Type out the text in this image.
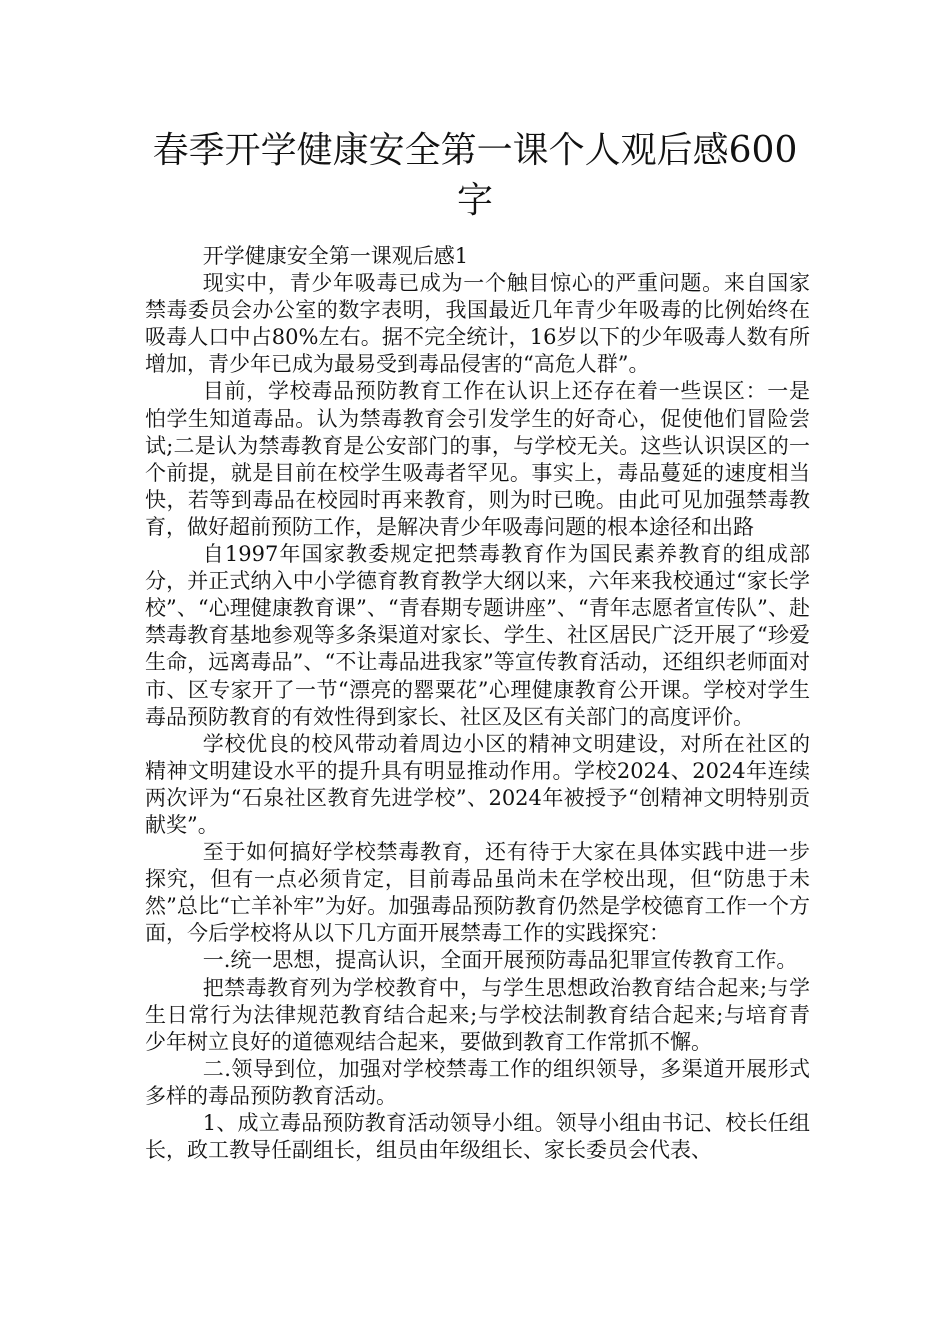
春季开学健康安全第一课个人观后感600字

开学健康安全第一课观后感1

现实中，青少年吸毒已成为一个触目惊心的严重问题。来自国家禁毒委员会办公室的数字表明，我国最近几年青少年吸毒的比例始终在吸毒人口中占80%左右。据不完全统计，16岁以下的少年吸毒人数有所增加，青少年已成为最易受到毒品侵害的“高危人群”。

目前，学校毒品预防教育工作在认识上还存在着一些误区：一是怕学生知道毒品。认为禁毒教育会引发学生的好奇心，促使他们冒险尝试;二是认为禁毒教育是公安部门的事，与学校无关。这些认识误区的一个前提，就是目前在校学生吸毒者罕见。事实上，毒品蔓延的速度相当快，若等到毒品在校园时再来教育，则为时已晚。由此可见加强禁毒教育，做好超前预防工作，是解决青少年吸毒问题的根本途径和出路

自1997年国家教委规定把禁毒教育作为国民素养教育的组成部分，并正式纳入中小学德育教育教学大纲以来，六年来我校通过“家长学校”、“心理健康教育课”、“青春期专题讲座”、“青年志愿者宣传队”、赴禁毒教育基地参观等多条渠道对家长、学生、社区居民广泛开展了“珍爱生命，远离毒品”、“不让毒品进我家”等宣传教育活动，还组织老师面对市、区专家开了一节“漂亮的罂粟花”心理健康教育公开课。学校对学生毒品预防教育的有效性得到家长、社区及区有关部门的高度评价。

学校优良的校风带动着周边小区的精神文明建设，对所在社区的精神文明建设水平的提升具有明显推动作用。学校2024、2024年连续两次评为“石泉社区教育先进学校”、2024年被授予“创精神文明特别贡献奖”。

至于如何搞好学校禁毒教育，还有待于大家在具体实践中进一步探究，但有一点必须肯定，目前毒品虽尚未在学校出现，但“防患于未然”总比“亡羊补牢”为好。加强毒品预防教育仍然是学校德育工作一个方面，今后学校将从以下几方面开展禁毒工作的实践探究：

一.统一思想，提高认识，全面开展预防毒品犯罪宣传教育工作。

把禁毒教育列为学校教育中，与学生思想政治教育结合起来;与学生日常行为法律规范教育结合起来;与学校法制教育结合起来;与培育青少年树立良好的道德观结合起来，要做到教育工作常抓不懈。

二.领导到位，加强对学校禁毒工作的组织领导，多渠道开展形式多样的毒品预防教育活动。

1、成立毒品预防教育活动领导小组。领导小组由书记、校长任组长，政工教导任副组长，组员由年级组长、家长委员会代表、
